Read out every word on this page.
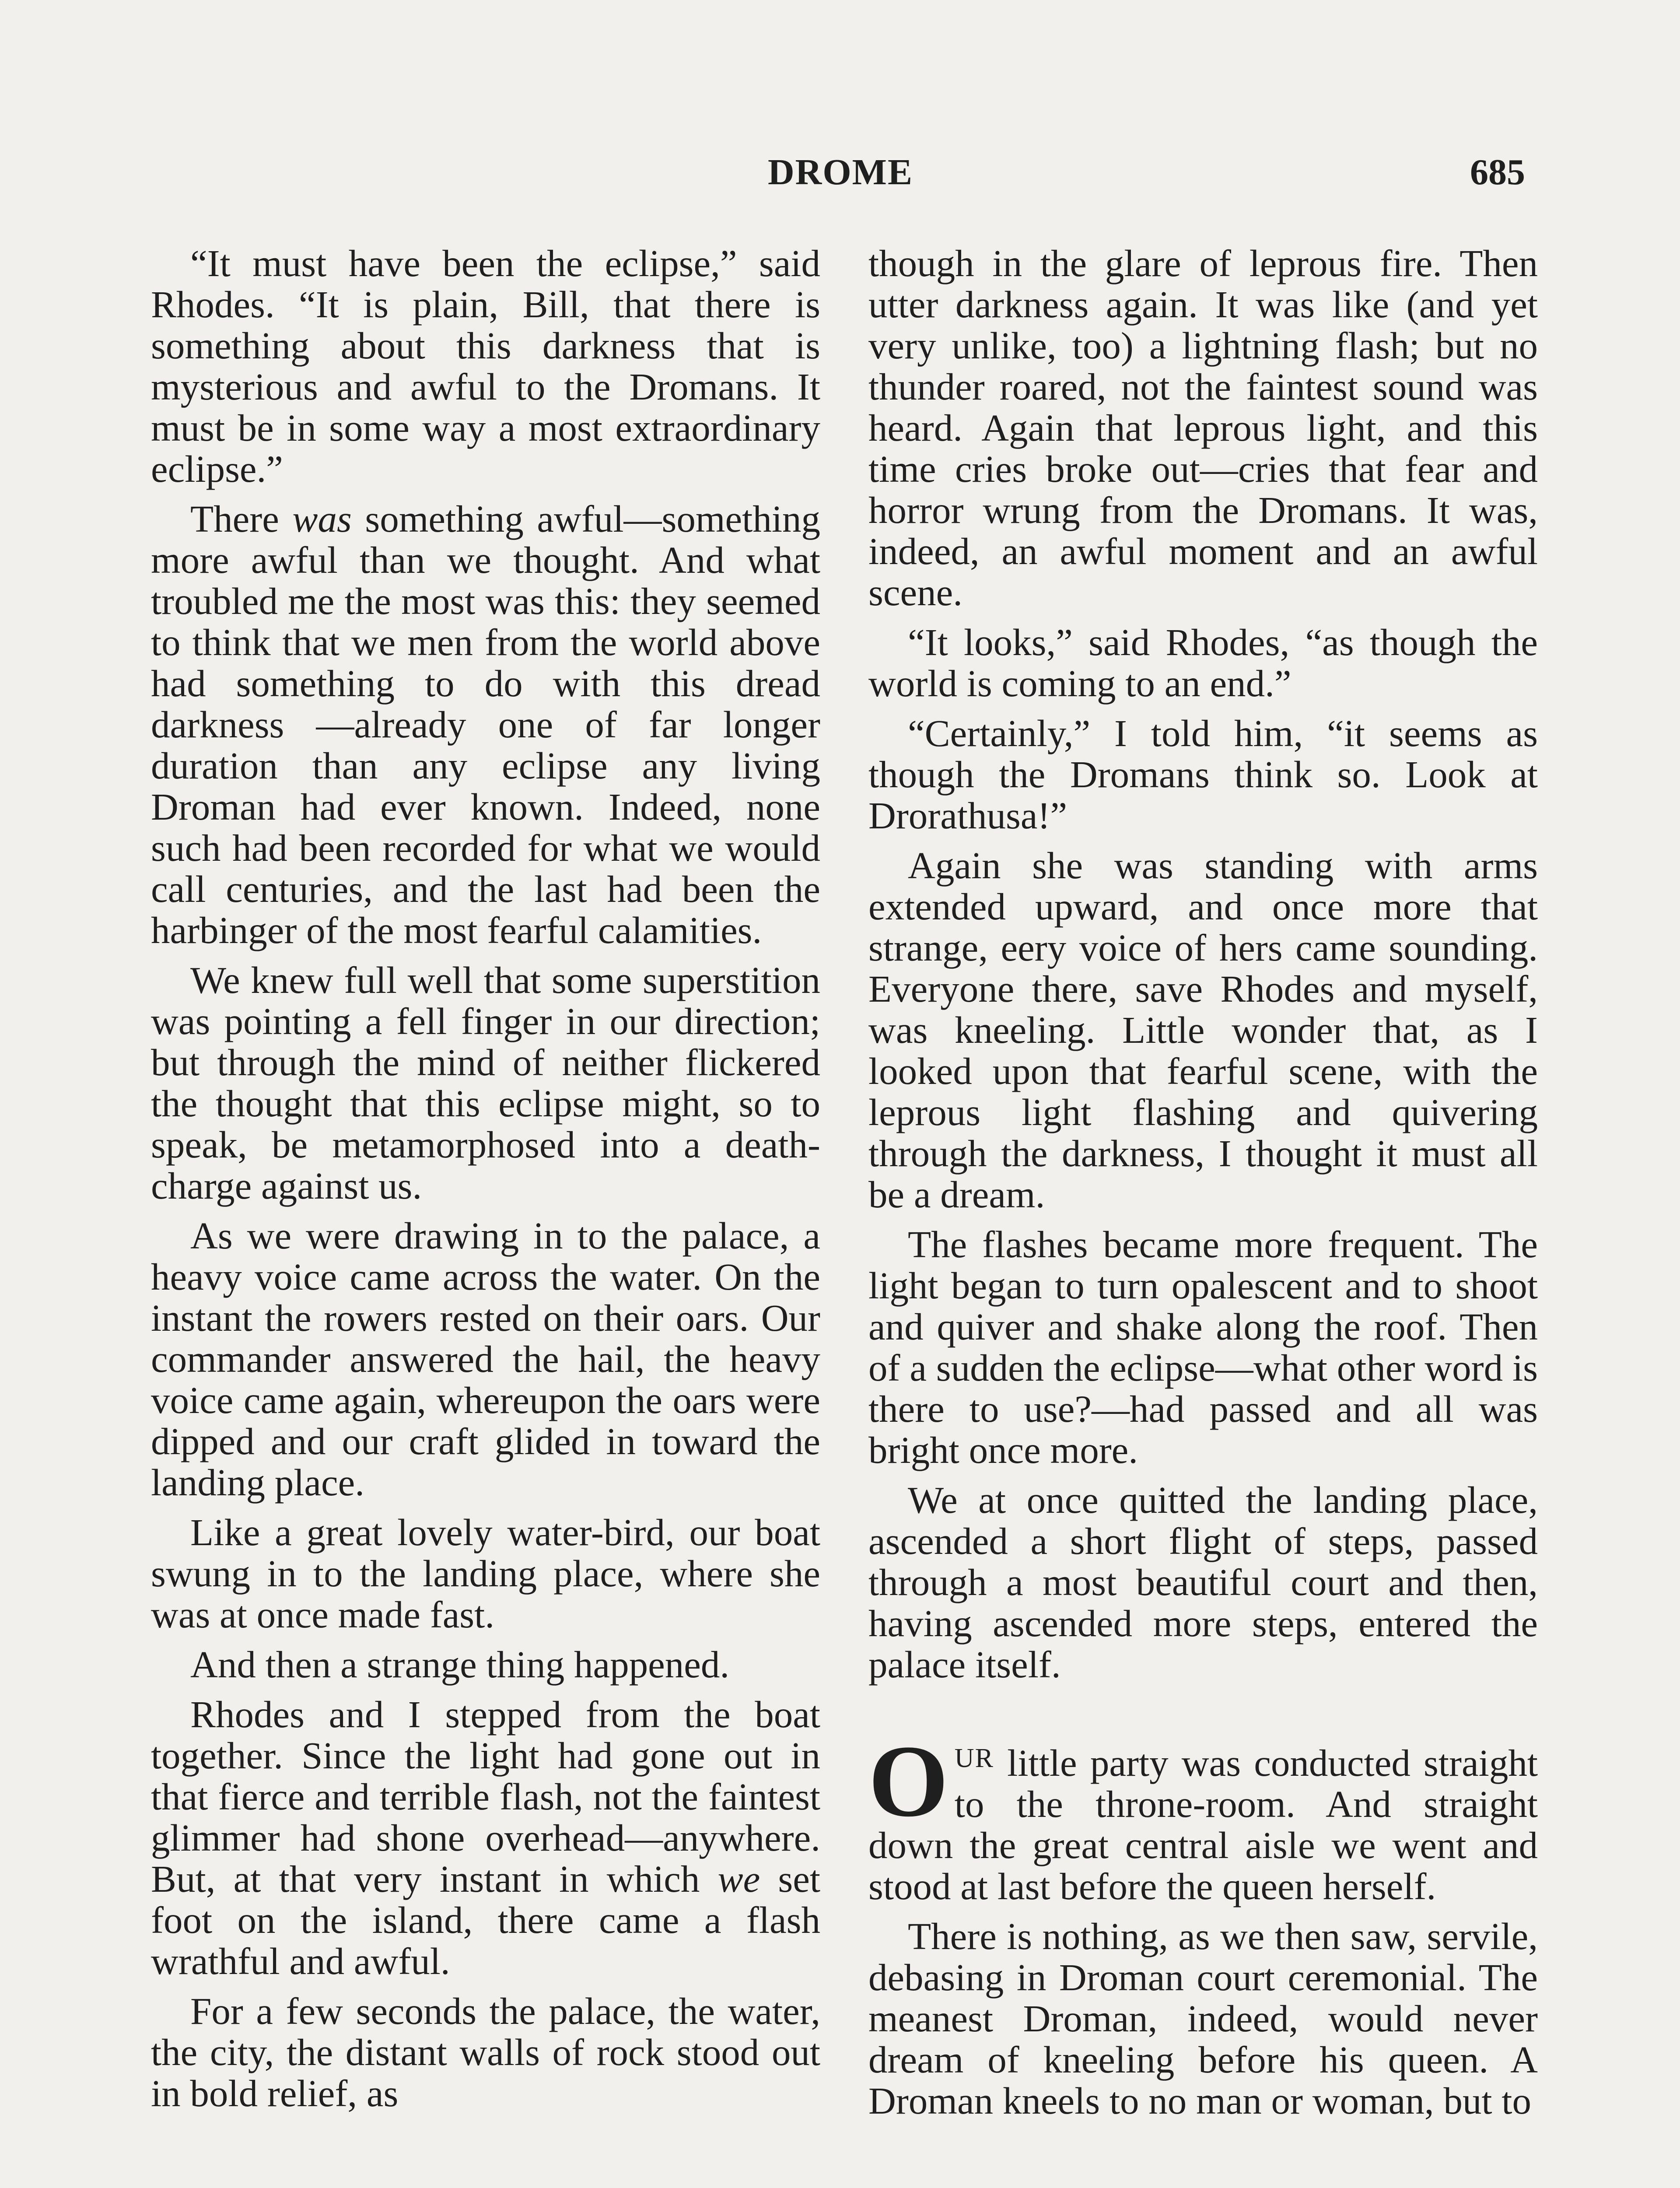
DROME	685

“It must have been the eclipse,” said Rhodes. “It is plain, Bill, that there is something about this darkness that is mysterious and awful to the Dromans. It must be in some way a most extraordinary eclipse.”

There was something awful—something more awful than we thought. And what troubled me the most was this: they seemed to think that we men from the world above had something to do with this dread darkness —already one of far longer duration than any eclipse any living Droman had ever known. Indeed, none such had been recorded for what we would call centuries, and the last had been the harbinger of the most fearful calamities.

We knew full well that some superstition was pointing a fell finger in our direction; but through the mind of neither flickered the thought that this eclipse might, so to speak, be metamorphosed into a death-charge against us.

As we were drawing in to the palace, a heavy voice came across the water. On the instant the rowers rested on their oars. Our commander answered the hail, the heavy voice came again, whereupon the oars were dipped and our craft glided in toward the landing place.

Like a great lovely water-bird, our boat swung in to the landing place, where she was at once made fast.

And then a strange thing happened.

Rhodes and I stepped from the boat together. Since the light had gone out in that fierce and terrible flash, not the faintest glimmer had shone overhead—anywhere. But, at that very instant in which we set foot on the island, there came a flash wrathful and awful.

For a few seconds the palace, the water, the city, the distant walls of rock stood out in bold relief, as

though in the glare of leprous fire. Then utter darkness again. It was like (and yet very unlike, too) a lightning flash; but no thunder roared, not the faintest sound was heard. Again that leprous light, and this time cries broke out—cries that fear and horror wrung from the Dromans. It was, indeed, an awful moment and an awful scene.

“It looks,” said Rhodes, “as though the world is coming to an end.”

“Certainly,” I told him, “it seems as though the Dromans think so. Look at Drorathusa!”

Again she was standing with arms extended upward, and once more that strange, eery voice of hers came sounding. Everyone there, save Rhodes and myself, was kneeling. Little wonder that, as I looked upon that fearful scene, with the leprous light flashing and quivering through the darkness, I thought it must all be a dream.

The flashes became more frequent. The light began to turn opalescent and to shoot and quiver and shake along the roof. Then of a sudden the eclipse—what other word is there to use?—had passed and all was bright once more.

We at once quitted the landing place, ascended a short flight of steps, passed through a most beautiful court and then, having ascended more steps, entered the palace itself.

O $^{UR}$ little party was conducted straight to the throne-room. And straight down the great central aisle we went and stood at last before the queen herself.

There is nothing, as we then saw, servile, debasing in Droman court ceremonial. The meanest Droman, indeed, would never dream of kneeling before his queen. A Droman kneels to no man or woman, but to
